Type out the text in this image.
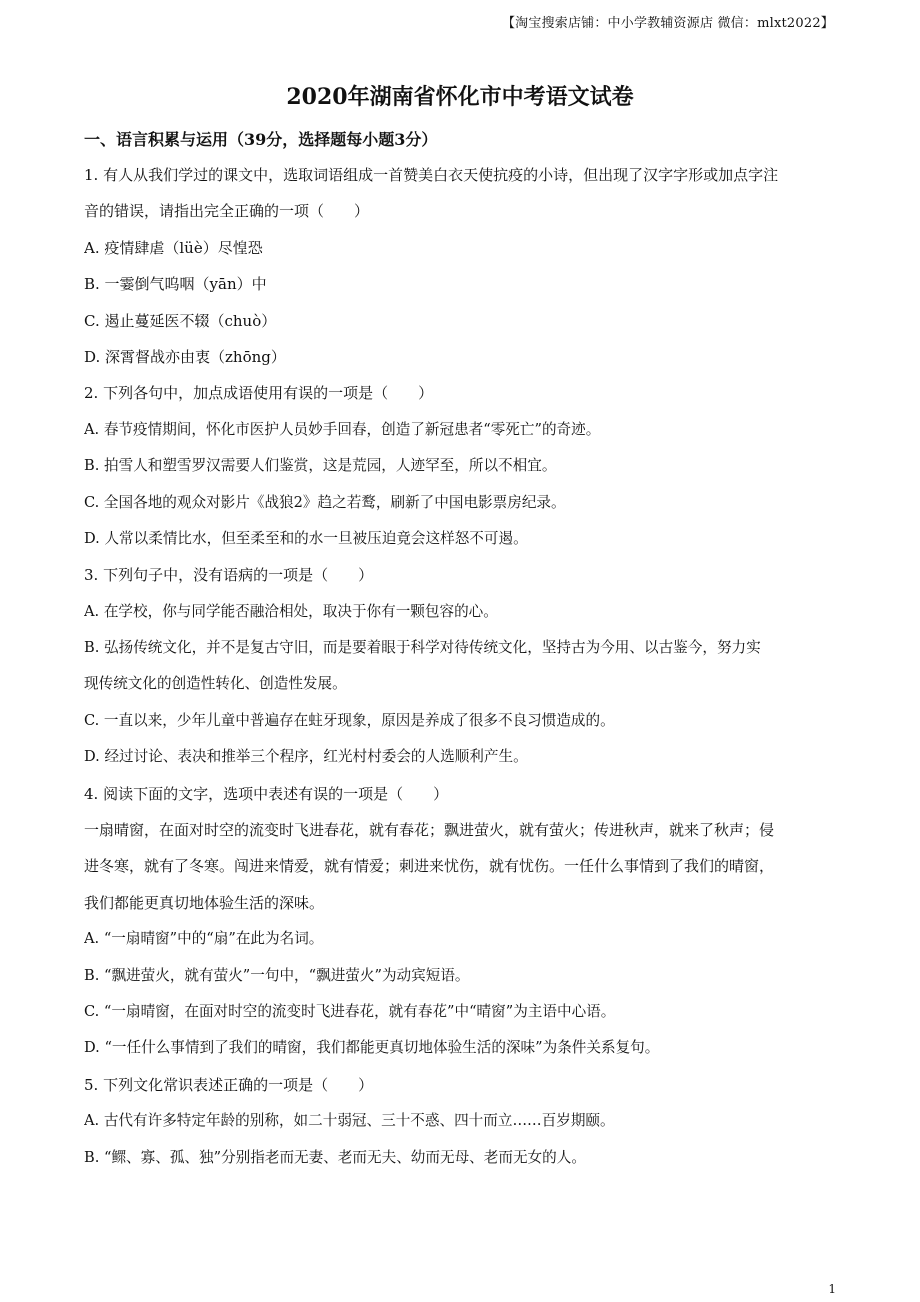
【淘宝搜索店铺：中小学教辅资源店 微信：mlxt2022】
2020年湖南省怀化市中考语文试卷
一、语言积累与运用（39分，选择题每小题3分）
1. 有人从我们学过的课文中，选取词语组成一首赞美白衣天使抗疫的小诗，但出现了汉字字形或加点字注
音的错误，请指出完全正确的一项（　　）
A. 疫情肆虐（lüè）尽惶恐
B. 一霎倒气呜咽（yān）中
C. 遏止蔓延医不辍（chuò）
D. 深霄督战亦由衷（zhōng）
2. 下列各句中，加点成语使用有误的一项是（　　）
A. 春节疫情期间，怀化市医护人员妙手回春，创造了新冠患者“零死亡”的奇迹。
B. 拍雪人和塑雪罗汉需要人们鉴赏，这是荒园，人迹罕至，所以不相宜。
C. 全国各地的观众对影片《战狼2》趋之若鹜，刷新了中国电影票房纪录。
D. 人常以柔情比水，但至柔至和的水一旦被压迫竟会这样怒不可遏。
3. 下列句子中，没有语病的一项是（　　）
A. 在学校，你与同学能否融洽相处，取决于你有一颗包容的心。
B. 弘扬传统文化，并不是复古守旧，而是要着眼于科学对待传统文化，坚持古为今用、以古鉴今，努力实
现传统文化的创造性转化、创造性发展。
C. 一直以来，少年儿童中普遍存在蛀牙现象，原因是养成了很多不良习惯造成的。
D. 经过讨论、表决和推举三个程序，红光村村委会的人选顺利产生。
4. 阅读下面的文字，选项中表述有误的一项是（　　）
一扇晴窗，在面对时空的流变时飞进春花，就有春花；飘进萤火，就有萤火；传进秋声，就来了秋声；侵
进冬寒，就有了冬寒。闯进来情爱，就有情爱；刺进来忧伤，就有忧伤。一任什么事情到了我们的晴窗，
我们都能更真切地体验生活的深味。
A. “一扇晴窗”中的“扇”在此为名词。
B. “飘进萤火，就有萤火”一句中，“飘进萤火”为动宾短语。
C. “一扇晴窗，在面对时空的流变时飞进春花，就有春花”中“晴窗”为主语中心语。
D. “一任什么事情到了我们的晴窗，我们都能更真切地体验生活的深味”为条件关系复句。
5. 下列文化常识表述正确的一项是（　　）
A. 古代有许多特定年龄的别称，如二十弱冠、三十不惑、四十而立……百岁期颐。
B. “鳏、寡、孤、独”分别指老而无妻、老而无夫、幼而无母、老而无女的人。
1
